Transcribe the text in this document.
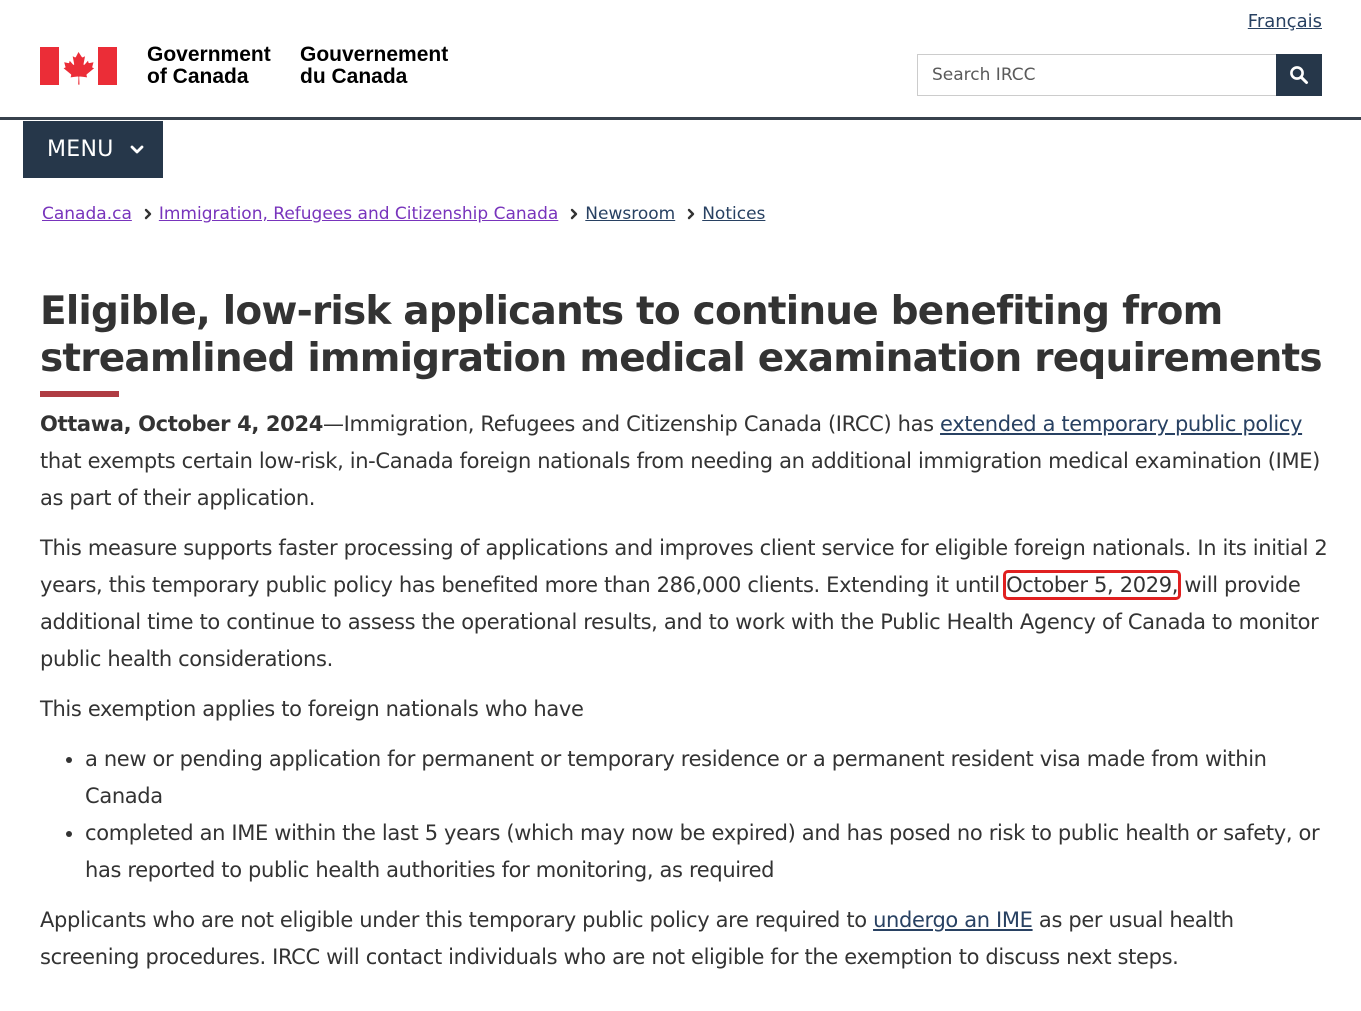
Français
Government
of Canada
Gouvernement
du Canada
Search IRCC
MENU
Canada.ca Immigration, Refugees and Citizenship Canada Newsroom Notices
Eligible, low-risk applicants to continue benefiting from streamlined immigration medical examination requirements

Ottawa, October 4, 2024—Immigration, Refugees and Citizenship Canada (IRCC) has extended a temporary public policy that exempts certain low-risk, in-Canada foreign nationals from needing an additional immigration medical examination (IME) as part of their application.

This measure supports faster processing of applications and improves client service for eligible foreign nationals. In its initial 2 years, this temporary public policy has benefited more than 286,000 clients. Extending it until October 5, 2029, will provide additional time to continue to assess the operational results, and to work with the Public Health Agency of Canada to monitor public health considerations.

This exemption applies to foreign nationals who have

• a new or pending application for permanent or temporary residence or a permanent resident visa made from within Canada
• completed an IME within the last 5 years (which may now be expired) and has posed no risk to public health or safety, or has reported to public health authorities for monitoring, as required

Applicants who are not eligible under this temporary public policy are required to undergo an IME as per usual health screening procedures. IRCC will contact individuals who are not eligible for the exemption to discuss next steps.
